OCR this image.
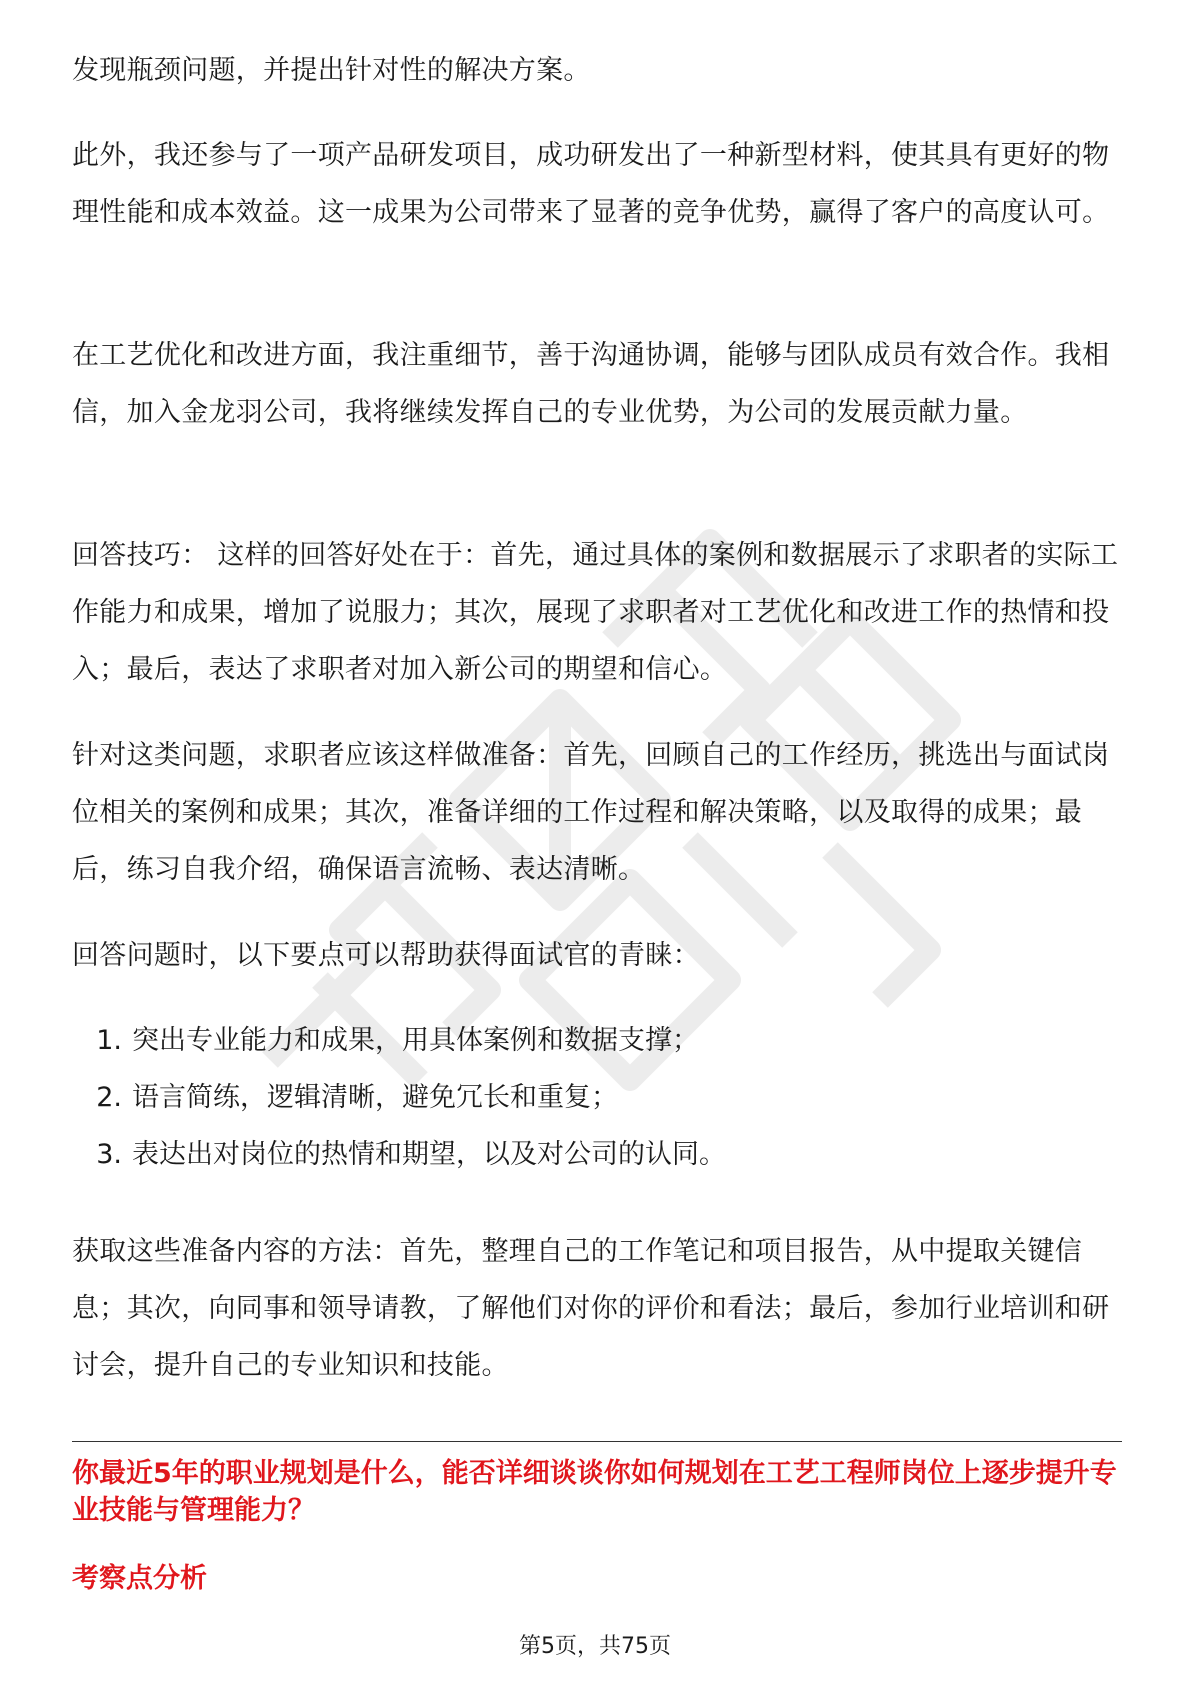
发现瓶颈问题，并提出针对性的解决方案。

此外，我还参与了一项产品研发项目，成功研发出了一种新型材料，使其具有更好的物理性能和成本效益。这一成果为公司带来了显著的竞争优势，赢得了客户的高度认可。

在工艺优化和改进方面，我注重细节，善于沟通协调，能够与团队成员有效合作。我相信，加入金龙羽公司，我将继续发挥自己的专业优势，为公司的发展贡献力量。

回答技巧： 这样的回答好处在于：首先，通过具体的案例和数据展示了求职者的实际工作能力和成果，增加了说服力；其次，展现了求职者对工艺优化和改进工作的热情和投入；最后，表达了求职者对加入新公司的期望和信心。

针对这类问题，求职者应该这样做准备：首先，回顾自己的工作经历，挑选出与面试岗位相关的案例和成果；其次，准备详细的工作过程和解决策略，以及取得的成果；最后，练习自我介绍，确保语言流畅、表达清晰。

回答问题时，以下要点可以帮助获得面试官的青睐：

1. 突出专业能力和成果，用具体案例和数据支撑；
2. 语言简练，逻辑清晰，避免冗长和重复；
3. 表达出对岗位的热情和期望，以及对公司的认同。

获取这些准备内容的方法：首先，整理自己的工作笔记和项目报告，从中提取关键信息；其次，向同事和领导请教，了解他们对你的评价和看法；最后，参加行业培训和研讨会，提升自己的专业知识和技能。

你最近5年的职业规划是什么，能否详细谈谈你如何规划在工艺工程师岗位上逐步提升专业技能与管理能力？

考察点分析

第5页，共75页
